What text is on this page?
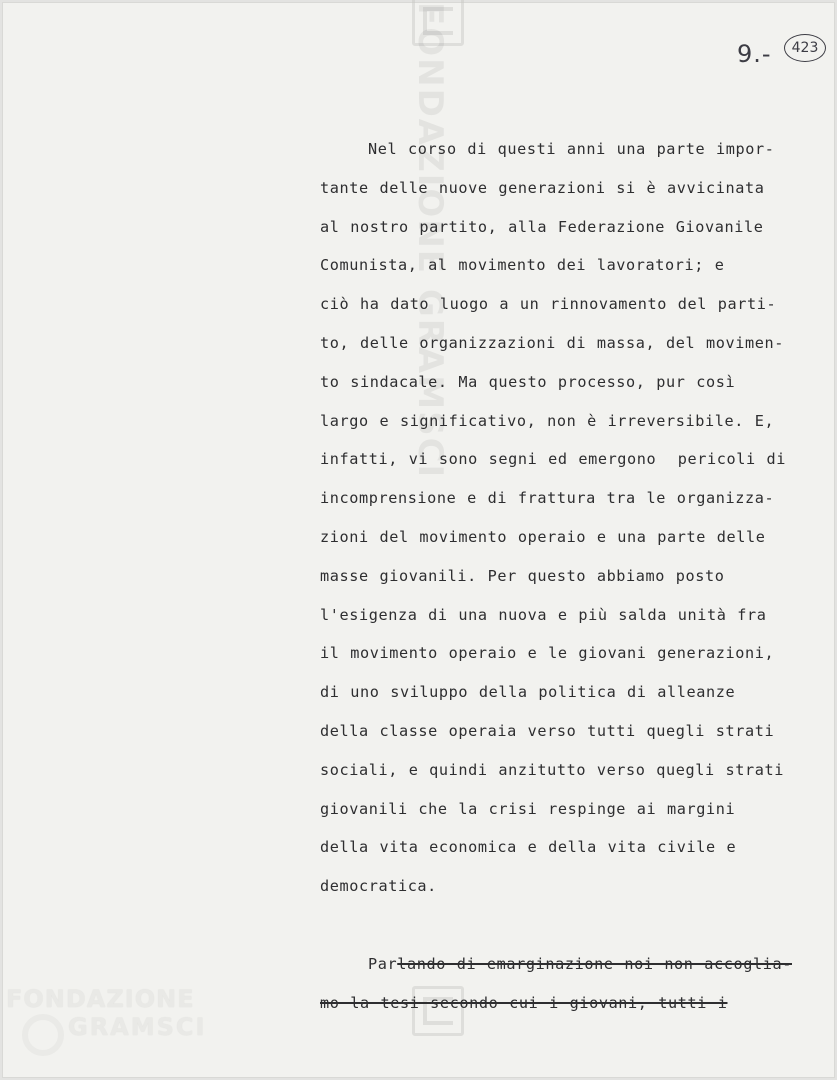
FONDAZIONE GRAMSCI	9.-	423
Nel corso di questi anni una parte impor-
tante delle nuove generazioni si è avvicinata
al nostro partito, alla Federazione Giovanile
Comunista, al movimento dei lavoratori; e
ciò ha dato luogo a un rinnovamento del parti-
to, delle organizzazioni di massa, del movimen-
to sindacale. Ma questo processo, pur così
largo e significativo, non è irreversibile. E,
infatti, vi sono segni ed emergono  pericoli di
incomprensione e di frattura tra le organizza-
zioni del movimento operaio e una parte delle
masse giovanili. Per questo abbiamo posto
l'esigenza di una nuova e più salda unità fra
il movimento operaio e le giovani generazioni,
di uno sviluppo della politica di alleanze
della classe operaia verso tutti quegli strati
sociali, e quindi anzitutto verso quegli strati
giovanili che la crisi respinge ai margini
della vita economica e della vita civile e
democratica.
Parlando di emarginazione noi non accoglia-
mo la tesi secondo cui i giovani, tutti i
FONDAZIONE
GRAMSCI
